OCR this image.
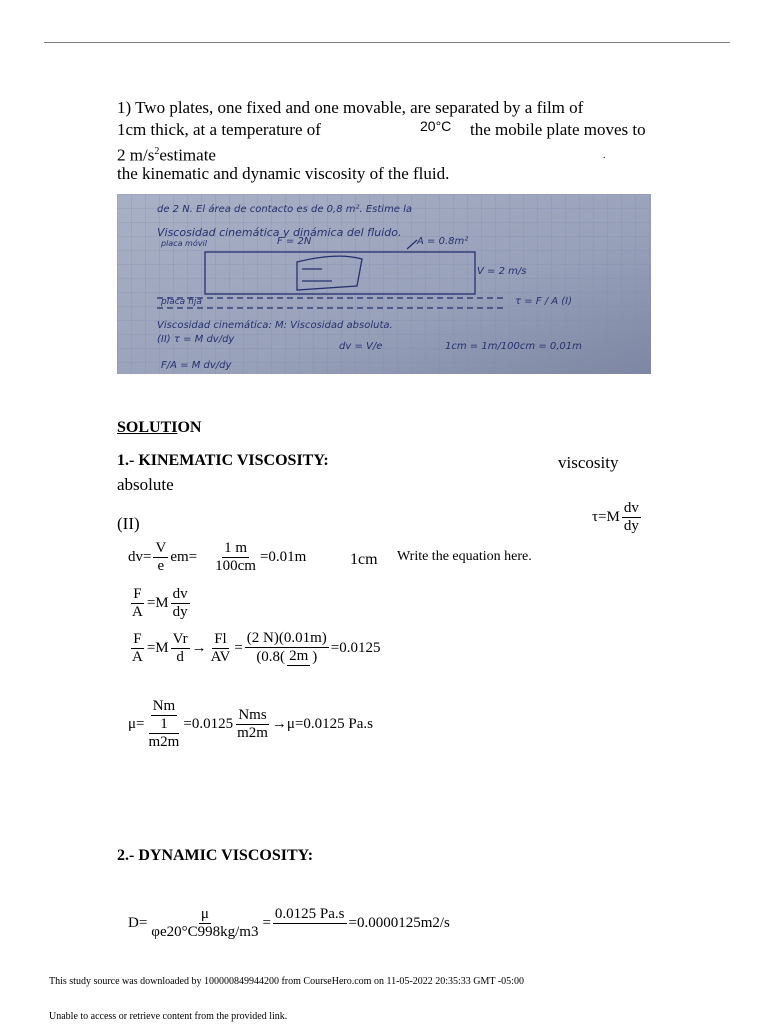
1) Two plates, one fixed and one movable, are separated by a film of
1cm thick, at a temperature of	20°C the mobile plate moves to
2 $m/s^2estimate$	.
the kinematic and dynamic viscosity of the fluid.
de 2 N. El área de contacto es de 0,8 m². Estime la
Viscosidad cinemática y dinámica del fluido.
placa móvil	F = 2N	A = 0.8m²
V = 2 m/s
placa fija	τ = F / A (I)
Viscosidad cinemática: M: Viscosidad absoluta.
(II) τ = M dv/dy
dv = V/e	1cm = 1m/100cm = 0,01m
F/A = M dv/dy
SOLUTION
1.- KINEMATIC VISCOSITY:	viscosity
absolute
(II)	$\tau=M \frac{dv}{dy}$
$dv= \frac{V}{e} em= \frac{1 m}{100cm} =0.01m$	1cm Write the equation here.
$\frac{F}{A} =M \frac{dv}{dy}$
$\frac{F}{A} =M \frac{Vr}{d} \to \frac{Fl}{AV} = \frac{(2 N)(0.01m)}{(0.8( 2m )} =0.0125$
μ= Nm
1
$m2m =0.0125 \frac{\text{Nms}}{m2m} \to\mu=0.0125$ Pa.s
2.- DYNAMIC VISCOSITY:
$D= \frac{\mu}{\varphi e20^\circ C998kg/m3}$ =
0.0125 Pa.s
=0.0000125m2/s
This study source was downloaded by 100000849944200 from CourseHero.com on 11-05-2022 20:35:33 GMT -05:00
Unable to access or retrieve content from the provided link.
